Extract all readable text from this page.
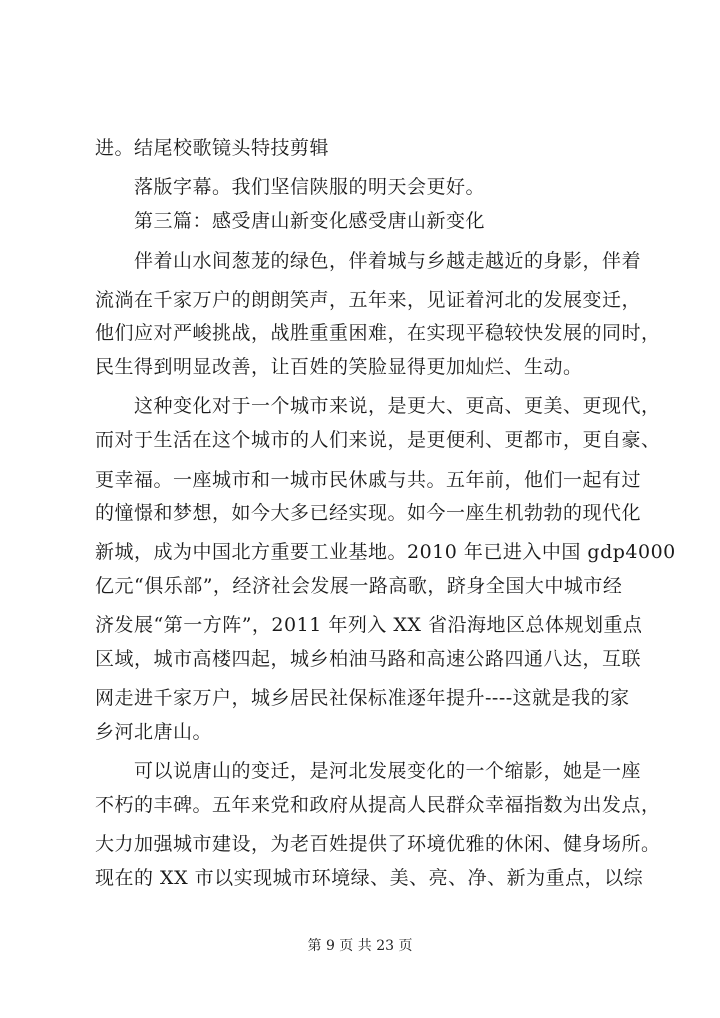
进。结尾校歌镜头特技剪辑
落版字幕。我们坚信陕服的明天会更好。
第三篇：感受唐山新变化感受唐山新变化
伴着山水间葱茏的绿色，伴着城与乡越走越近的身影，伴着
流淌在千家万户的朗朗笑声，五年来，见证着河北的发展变迁，
他们应对严峻挑战，战胜重重困难，在实现平稳较快发展的同时，
民生得到明显改善，让百姓的笑脸显得更加灿烂、生动。
这种变化对于一个城市来说，是更大、更高、更美、更现代，
而对于生活在这个城市的人们来说，是更便利、更都市，更自豪、
更幸福。一座城市和一城市民休戚与共。五年前，他们一起有过
的憧憬和梦想，如今大多已经实现。如今一座生机勃勃的现代化
新城，成为中国北方重要工业基地。2010 年已进入中国 gdp4000
亿元“俱乐部”，经济社会发展一路高歌，跻身全国大中城市经
济发展“第一方阵”，2011 年列入 XX 省沿海地区总体规划重点
区域，城市高楼四起，城乡柏油马路和高速公路四通八达，互联
网走进千家万户，城乡居民社保标准逐年提升----这就是我的家
乡河北唐山。
可以说唐山的变迁，是河北发展变化的一个缩影，她是一座
不朽的丰碑。五年来党和政府从提高人民群众幸福指数为出发点，
大力加强城市建设，为老百姓提供了环境优雅的休闲、健身场所。
现在的 XX 市以实现城市环境绿、美、亮、净、新为重点，以综
第 9 页 共 23 页
